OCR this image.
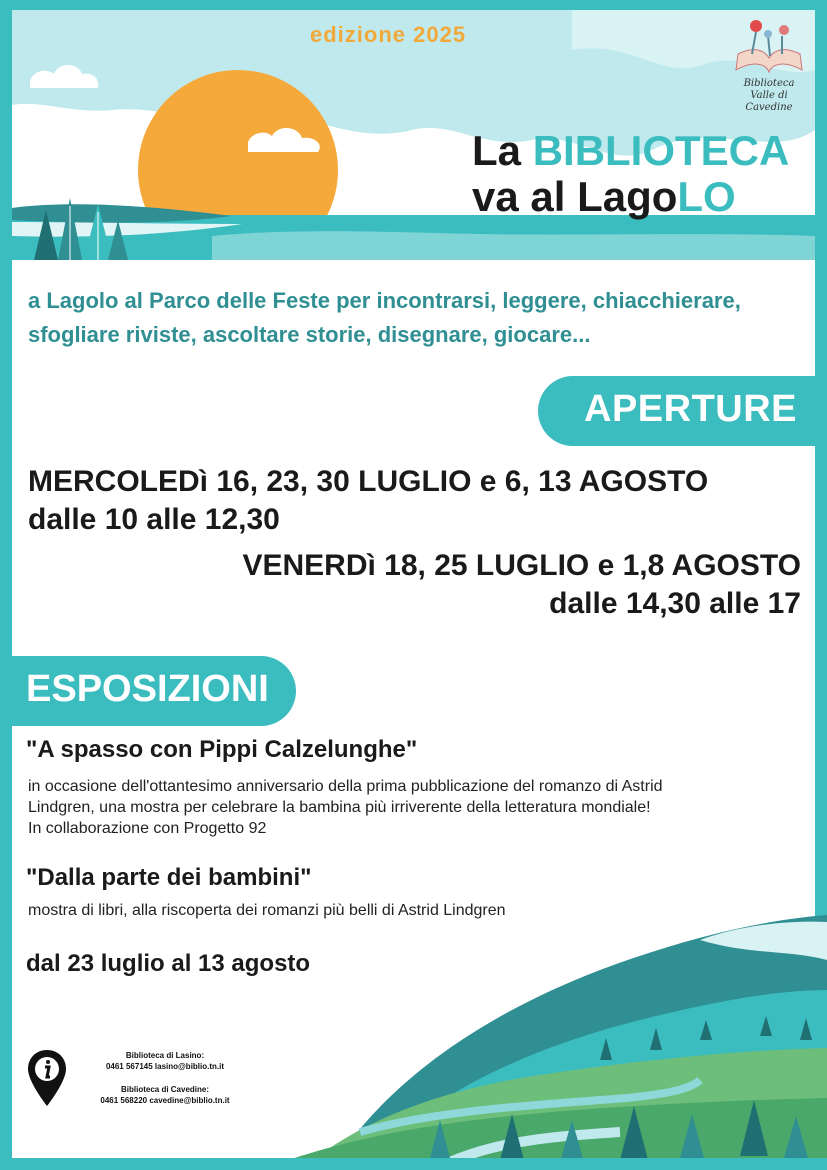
edizione 2025
Biblioteca
Valle di Cavedine
La BIBLIOTECA
va al LagoLO
a Lagolo al Parco delle Feste per incontrarsi, leggere, chiacchierare,
sfogliare riviste, ascoltare storie, disegnare, giocare...
APERTURE
MERCOLEDì 16, 23, 30 LUGLIO e 6, 13 AGOSTO
dalle 10 alle 12,30
VENERDì 18, 25 LUGLIO e 1,8 AGOSTO
dalle 14,30 alle 17
ESPOSIZIONI
"A spasso con Pippi Calzelunghe"
in occasione dell'ottantesimo anniversario della prima pubblicazione del romanzo di Astrid
Lindgren, una mostra per celebrare la bambina più irriverente della letteratura mondiale!
In collaborazione con Progetto 92
"Dalla parte dei bambini"
mostra di libri, alla riscoperta dei romanzi più belli di Astrid Lindgren
dal 23 luglio al 13 agosto
Biblioteca di Lasino:
0461 567145 lasino@biblio.tn.it
Biblioteca di Cavedine:
0461 568220 cavedine@biblio.tn.it
designed by freepik
